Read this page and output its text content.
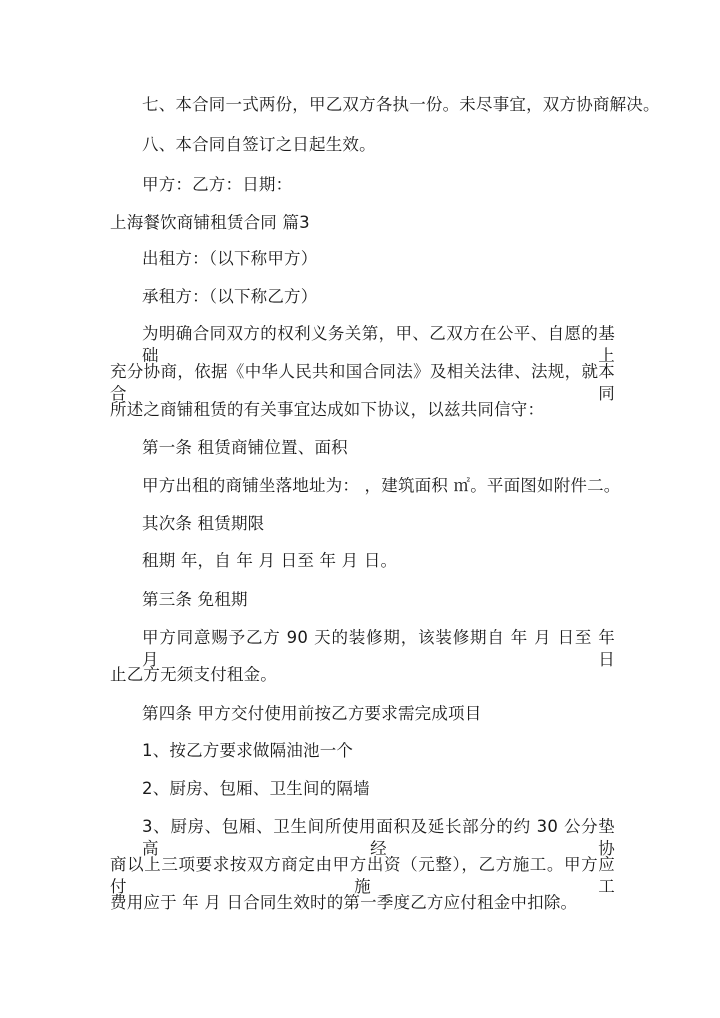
七、本合同一式两份，甲乙双方各执一份。未尽事宜，双方协商解决。
八、本合同自签订之日起生效。
甲方：乙方：日期：
上海餐饮商铺租赁合同 篇3
出租方：（以下称甲方）
承租方：（以下称乙方）
为明确合同双方的权利义务关第，甲、乙双方在公平、自愿的基础上
充分协商，依据《中华人民共和国合同法》及相关法律、法规，就本合同
所述之商铺租赁的有关事宜达成如下协议，以兹共同信守：
第一条 租赁商铺位置、面积
甲方出租的商铺坐落地址为： ，建筑面积 ㎡。平面图如附件二。
其次条 租赁期限
租期 年，自 年 月 日至 年 月 日。
第三条 免租期
甲方同意赐予乙方 90 天的装修期，该装修期自 年 月 日至 年 月 日
止乙方无须支付租金。
第四条 甲方交付使用前按乙方要求需完成项目
1、按乙方要求做隔油池一个
2、厨房、包厢、卫生间的隔墙
3、厨房、包厢、卫生间所使用面积及延长部分的约 30 公分垫高经协
商以上三项要求按双方商定由甲方出资（元整），乙方施工。甲方应付施工
费用应于 年 月 日合同生效时的第一季度乙方应付租金中扣除。
